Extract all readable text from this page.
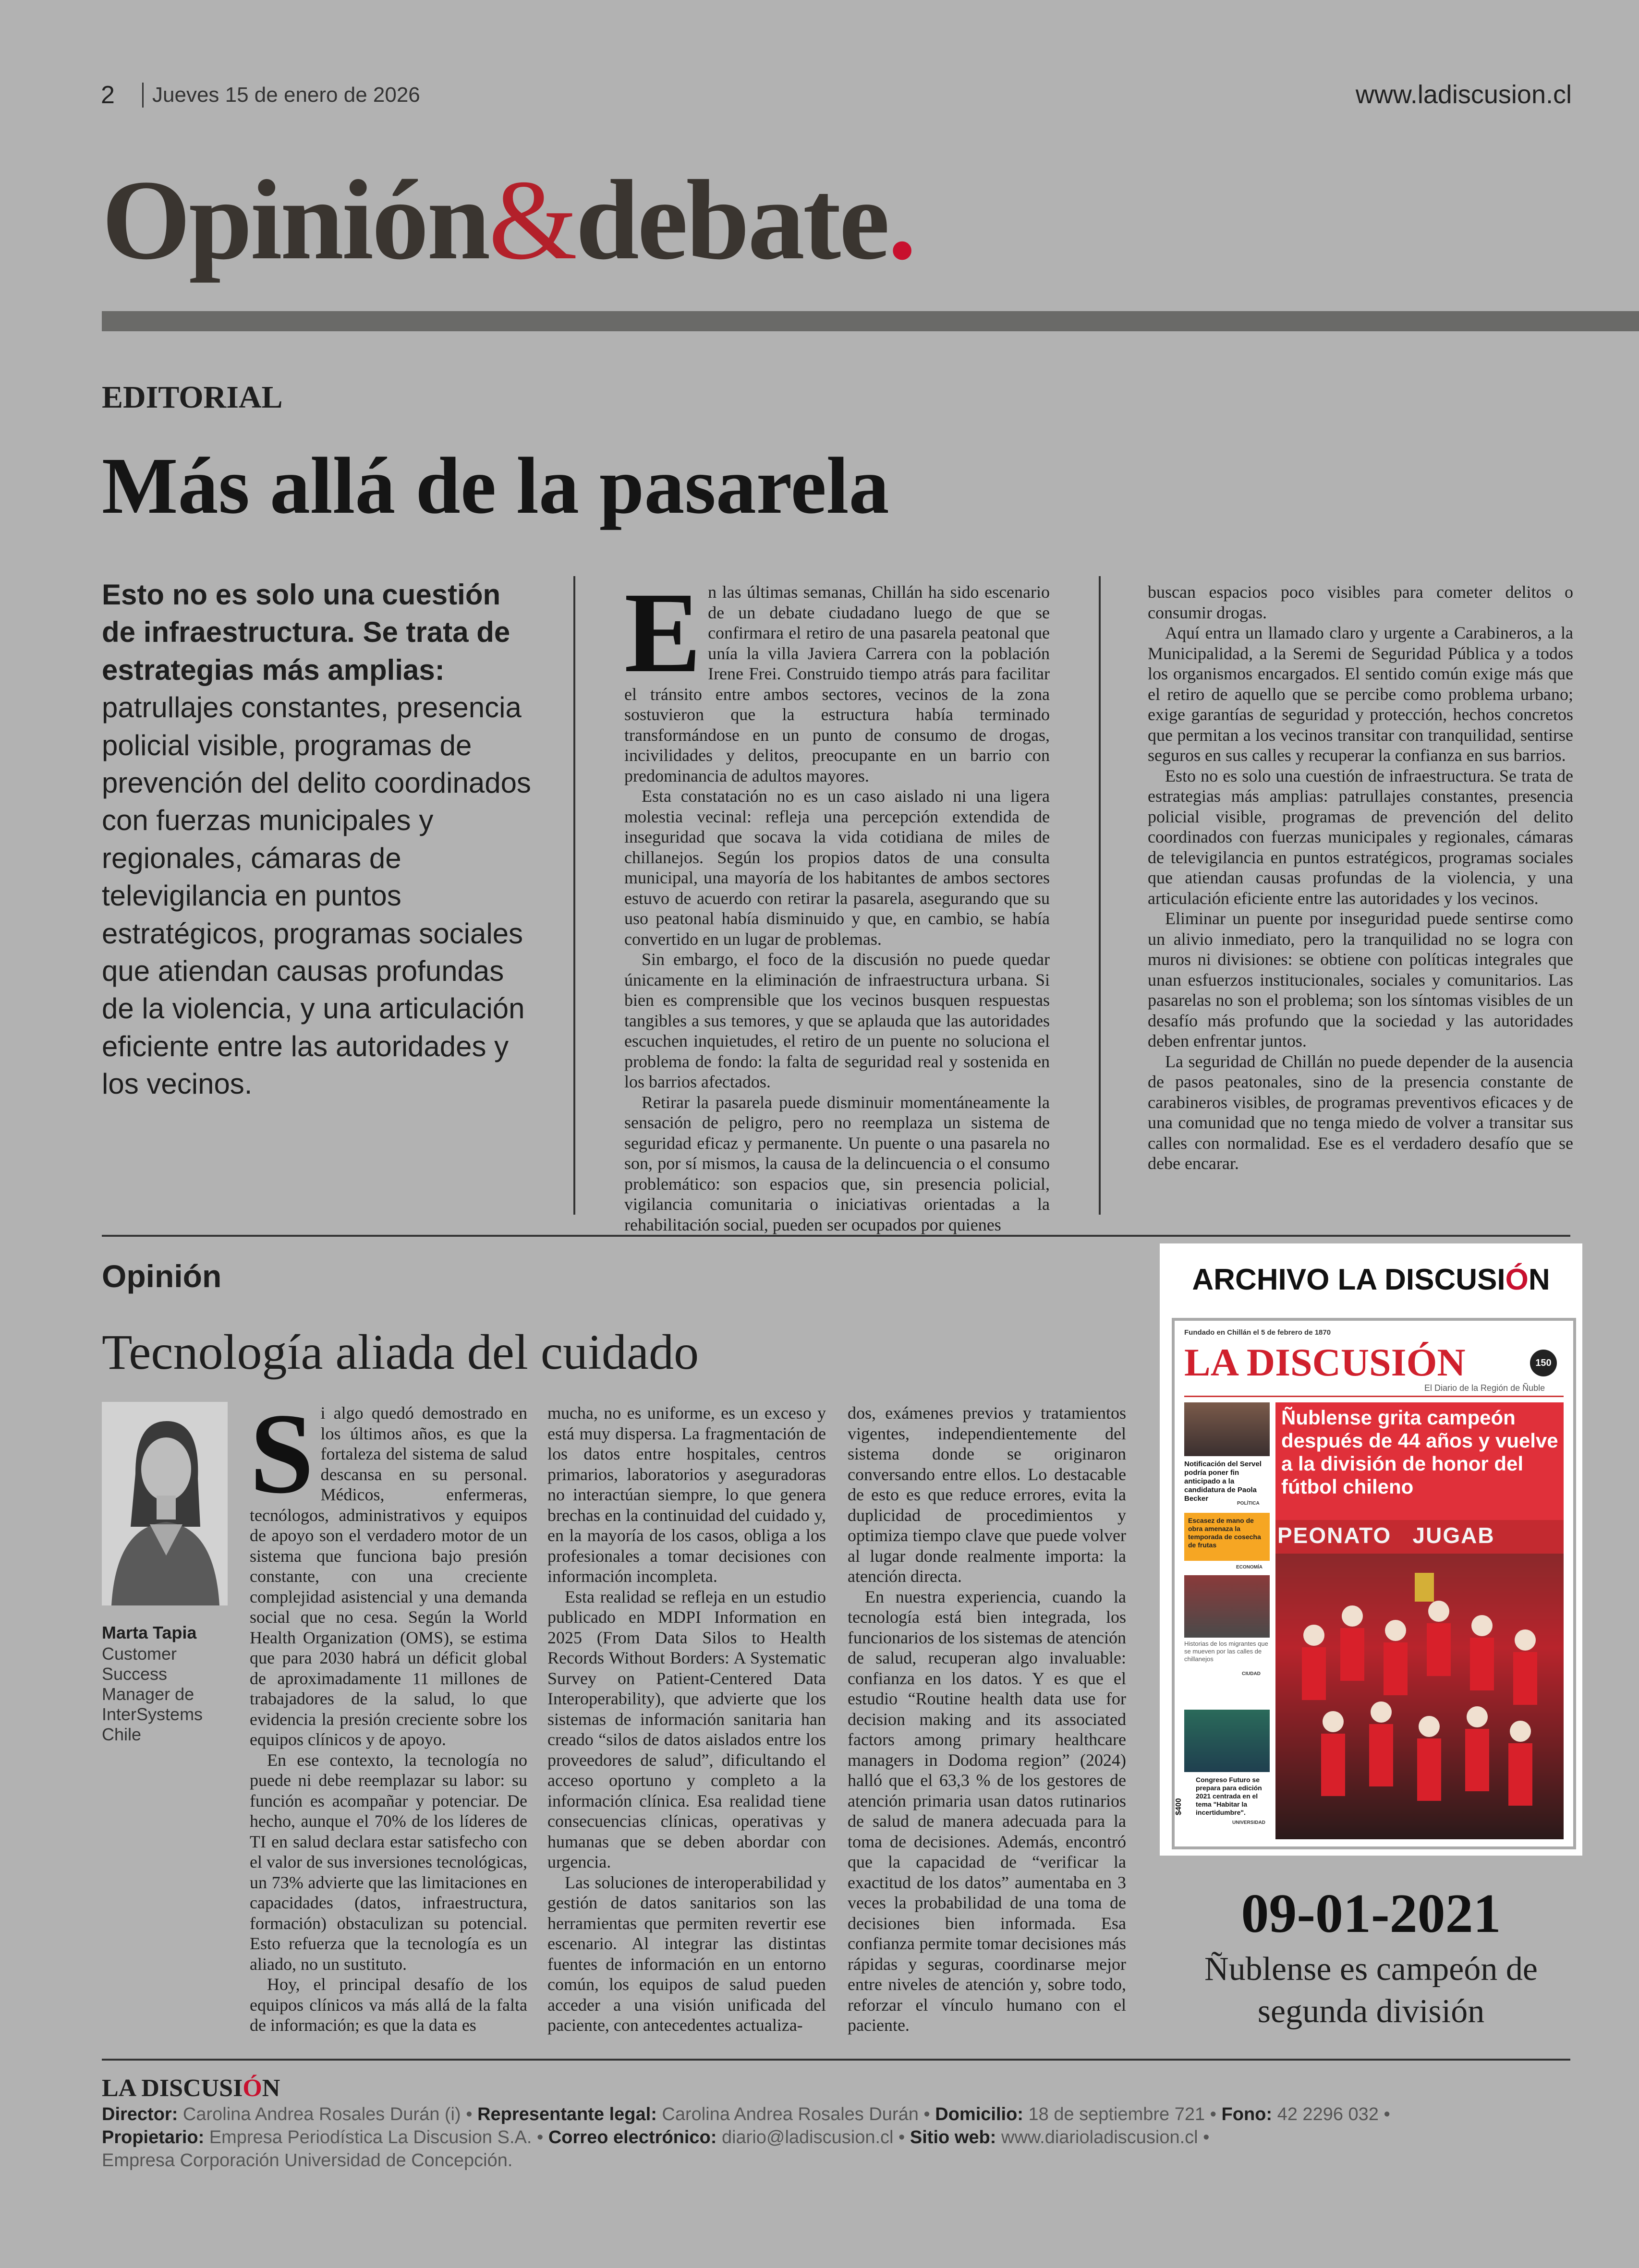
2	Jueves 15 de enero de 2026	www.ladiscusion.cl
Opinión&debate.
EDITORIAL
Más allá de la pasarela
Esto no es solo una cuestión de infraestructura. Se trata de estrategias más amplias: patrullajes constantes, presencia policial visible, programas de prevención del delito coordinados con fuerzas municipales y regionales, cámaras de televigilancia en puntos estratégicos, programas sociales que atiendan causas profundas de la violencia, y una articulación eficiente entre las autoridades y los vecinos.

En las últimas semanas, Chillán ha sido escenario de un debate ciudadano luego de que se confirmara el retiro de una pasarela peatonal que unía la villa Javiera Carrera con la población Irene Frei. Construido tiempo atrás para facilitar el tránsito entre ambos sectores, vecinos de la zona sostuvieron que la estructura había terminado transformándose en un punto de consumo de drogas, incivilidades y delitos, preocupante en un barrio con predominancia de adultos mayores.

Esta constatación no es un caso aislado ni una ligera molestia vecinal: refleja una percepción extendida de inseguridad que socava la vida cotidiana de miles de chillanejos. Según los propios datos de una consulta municipal, una mayoría de los habitantes de ambos sectores estuvo de acuerdo con retirar la pasarela, asegurando que su uso peatonal había disminuido y que, en cambio, se había convertido en un lugar de problemas.

Sin embargo, el foco de la discusión no puede quedar únicamente en la eliminación de infraestructura urbana. Si bien es comprensible que los vecinos busquen respuestas tangibles a sus temores, y que se aplauda que las autoridades escuchen inquietudes, el retiro de un puente no soluciona el problema de fondo: la falta de seguridad real y sostenida en los barrios afectados.

Retirar la pasarela puede disminuir momentáneamente la sensación de peligro, pero no reemplaza un sistema de seguridad eficaz y permanente. Un puente o una pasarela no son, por sí mismos, la causa de la delincuencia o el consumo problemático: son espacios que, sin presencia policial, vigilancia comunitaria o iniciativas orientadas a la rehabilitación social, pueden ser ocupados por quienes

buscan espacios poco visibles para cometer delitos o consumir drogas.

Aquí entra un llamado claro y urgente a Carabineros, a la Municipalidad, a la Seremi de Seguridad Pública y a todos los organismos encargados. El sentido común exige más que el retiro de aquello que se percibe como problema urbano; exige garantías de seguridad y protección, hechos concretos que permitan a los vecinos transitar con tranquilidad, sentirse seguros en sus calles y recuperar la confianza en sus barrios.

Esto no es solo una cuestión de infraestructura. Se trata de estrategias más amplias: patrullajes constantes, presencia policial visible, programas de prevención del delito coordinados con fuerzas municipales y regionales, cámaras de televigilancia en puntos estratégicos, programas sociales que atiendan causas profundas de la violencia, y una articulación eficiente entre las autoridades y los vecinos.

Eliminar un puente por inseguridad puede sentirse como un alivio inmediato, pero la tranquilidad no se logra con muros ni divisiones: se obtiene con políticas integrales que unan esfuerzos institucionales, sociales y comunitarios. Las pasarelas no son el problema; son los síntomas visibles de un desafío más profundo que la sociedad y las autoridades deben enfrentar juntos.

La seguridad de Chillán no puede depender de la ausencia de pasos peatonales, sino de la presencia constante de carabineros visibles, de programas preventivos eficaces y de una comunidad que no tenga miedo de volver a transitar sus calles con normalidad. Ese es el verdadero desafío que se debe encarar.

Opinión
Tecnología aliada del cuidado
Marta Tapia
Customer Success Manager de InterSystems Chile

Si algo quedó demostrado en los últimos años, es que la fortaleza del sistema de salud descansa en su personal. Médicos, enfermeras, tecnólogos, administrativos y equipos de apoyo son el verdadero motor de un sistema que funciona bajo presión constante, con una creciente complejidad asistencial y una demanda social que no cesa. Según la World Health Organization (OMS), se estima que para 2030 habrá un déficit global de aproximadamente 11 millones de trabajadores de la salud, lo que evidencia la presión creciente sobre los equipos clínicos y de apoyo.

En ese contexto, la tecnología no puede ni debe reemplazar su labor: su función es acompañar y potenciar. De hecho, aunque el 70% de los líderes de TI en salud declara estar satisfecho con el valor de sus inversiones tecnológicas, un 73% advierte que las limitaciones en capacidades (datos, infraestructura, formación) obstaculizan su potencial. Esto refuerza que la tecnología es un aliado, no un sustituto.

Hoy, el principal desafío de los equipos clínicos va más allá de la falta de información; es que la data es

mucha, no es uniforme, es un exceso y está muy dispersa. La fragmentación de los datos entre hospitales, centros primarios, laboratorios y aseguradoras no interactúan siempre, lo que genera brechas en la continuidad del cuidado y, en la mayoría de los casos, obliga a los profesionales a tomar decisiones con información incompleta.

Esta realidad se refleja en un estudio publicado en MDPI Information en 2025 (From Data Silos to Health Records Without Borders: A Systematic Survey on Patient-Centered Data Interoperability), que advierte que los sistemas de información sanitaria han creado “silos de datos aislados entre los proveedores de salud”, dificultando el acceso oportuno y completo a la información clínica. Esa realidad tiene consecuencias clínicas, operativas y humanas que se deben abordar con urgencia.

Las soluciones de interoperabilidad y gestión de datos sanitarios son las herramientas que permiten revertir ese escenario. Al integrar las distintas fuentes de información en un entorno común, los equipos de salud pueden acceder a una visión unificada del paciente, con antecedentes actualiza-

dos, exámenes previos y tratamientos vigentes, independientemente del sistema donde se originaron conversando entre ellos. Lo destacable de esto es que reduce errores, evita la duplicidad de procedimientos y optimiza tiempo clave que puede volver al lugar donde realmente importa: la atención directa.

En nuestra experiencia, cuando la tecnología está bien integrada, los funcionarios de los sistemas de atención de salud, recuperan algo invaluable: confianza en los datos. Y es que el estudio “Routine health data use for decision making and its associated factors among primary healthcare managers in Dodoma region” (2024) halló que el 63,3 % de los gestores de atención primaria usan datos rutinarios de salud de manera adecuada para la toma de decisiones. Además, encontró que la capacidad de “verificar la exactitud de los datos” aumentaba en 3 veces la probabilidad de una toma de decisiones bien informada. Esa confianza permite tomar decisiones más rápidas y seguras, coordinarse mejor entre niveles de atención y, sobre todo, reforzar el vínculo humano con el paciente.

ARCHIVO LA DISCUSIÓN
Fundado en Chillán el 5 de febrero de 1870
LA DISCUSIÓN	150
El Diario de la Región de Ñuble
Notificación del Servel podría poner fin anticipado a la candidatura de Paola Becker
POLÍTICA
Escasez de mano de obra amenaza la temporada de cosecha de frutas
ECONOMÍA
Historias de los migrantes que se mueven por las calles de chillanejos
CIUDAD
Congreso Futuro se prepara para edición 2021 centrada en el tema "Habitar la incertidumbre".
UNIVERSIDAD
$400
Ñublense grita campeón después de 44 años y vuelve a la división de honor del fútbol chileno
PEONATO   JUGAB
09-01-2021
Ñublense es campeón de segunda división
LA DISCUSIÓN
Director: Carolina Andrea Rosales Durán (i) • Representante legal: Carolina Andrea Rosales Durán • Domicilio: 18 de septiembre 721 • Fono: 42 2296 032 •
Propietario: Empresa Periodística La Discusion S.A. • Correo electrónico: diario@ladiscusion.cl • Sitio web: www.diarioladiscusion.cl •
Empresa Corporación Universidad de Concepción.
